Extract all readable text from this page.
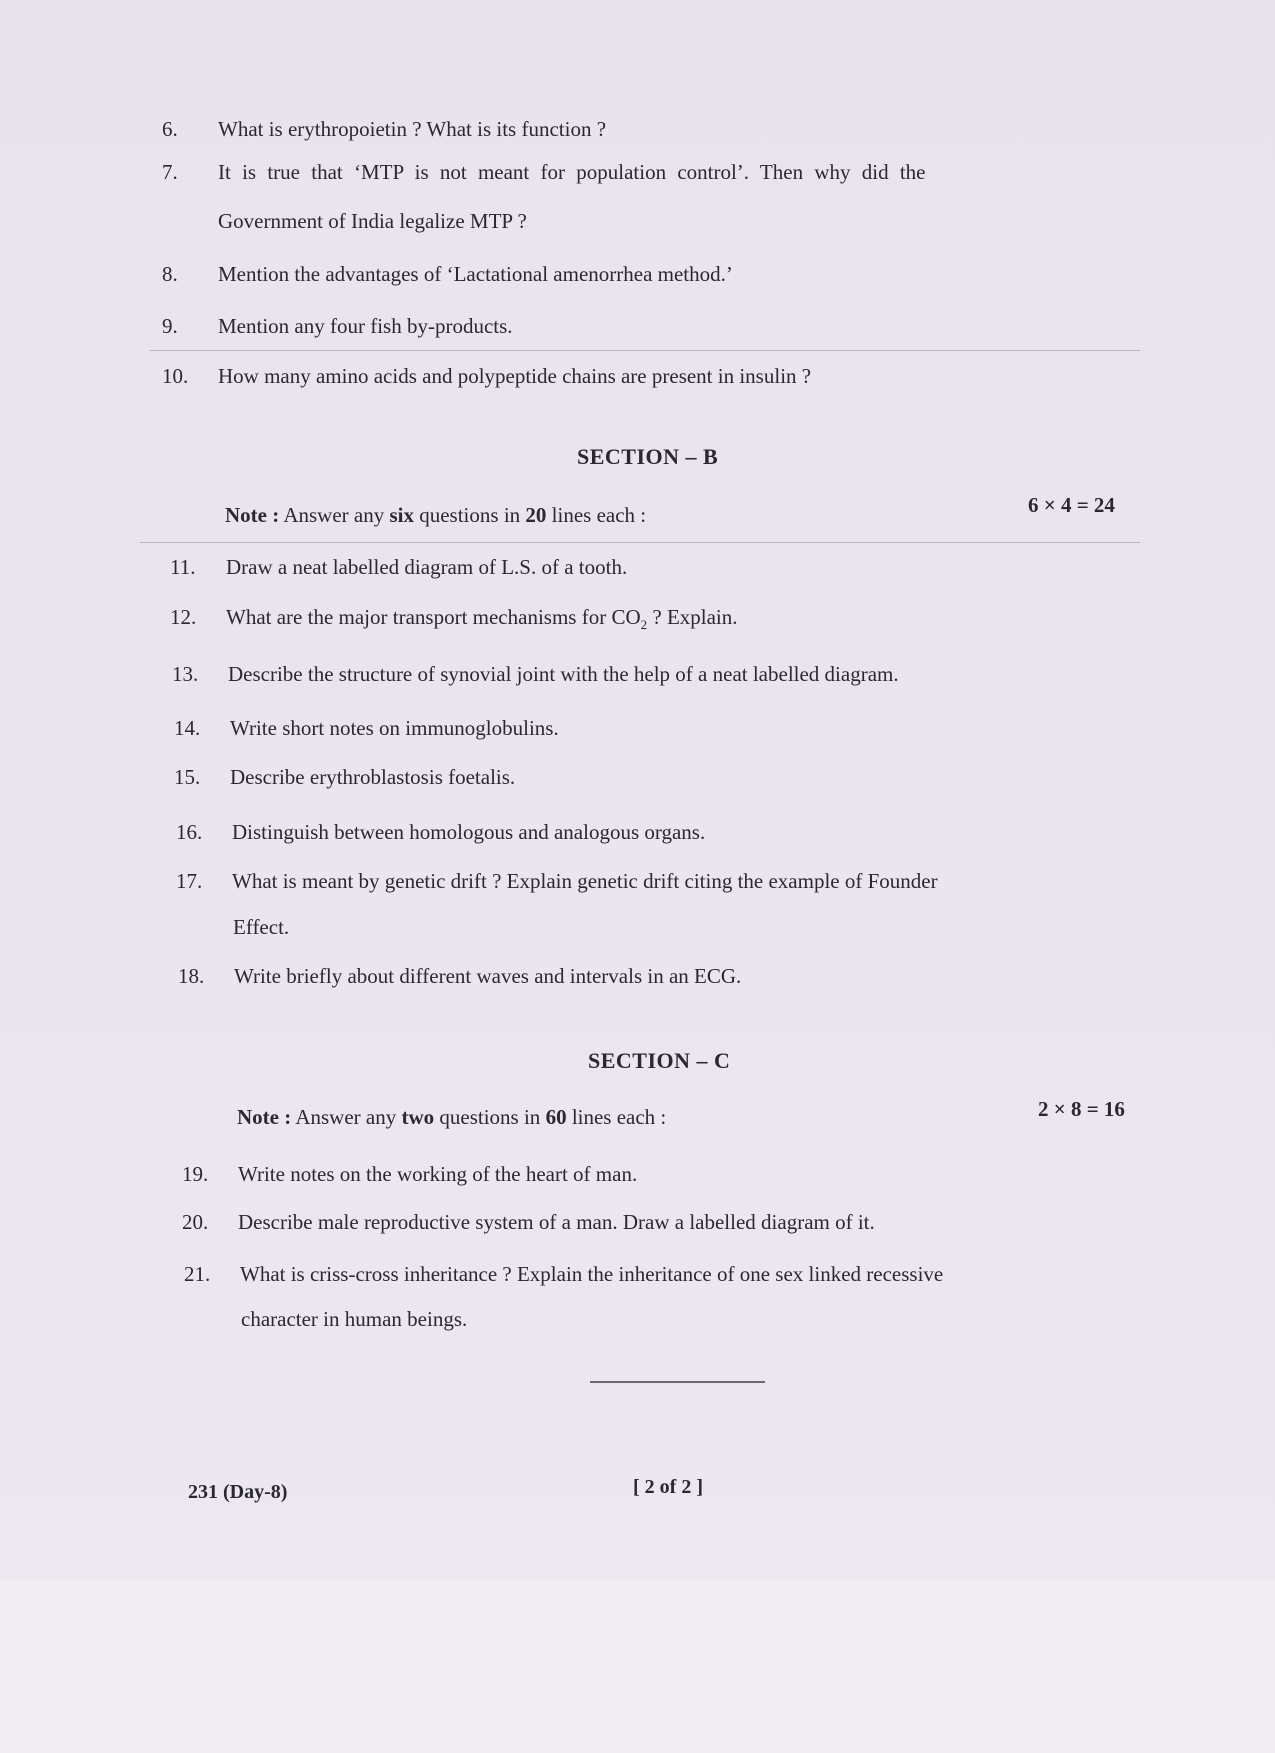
6. What is erythropoietin ? What is its function ?
7. It is true that ‘MTP is not meant for population control’. Then why did the
Government of India legalize MTP ?
8. Mention the advantages of ‘Lactational amenorrhea method.’
9. Mention any four fish by-products.
10. How many amino acids and polypeptide chains are present in insulin ?
SECTION – B
Note : Answer any six questions in 20 lines each :	6 × 4 = 24
11. Draw a neat labelled diagram of L.S. of a tooth.
12. What are the major transport mechanisms for $CO_2$ ? Explain.
13. Describe the structure of synovial joint with the help of a neat labelled diagram.
14. Write short notes on immunoglobulins.
15. Describe erythroblastosis foetalis.
16. Distinguish between homologous and analogous organs.
17. What is meant by genetic drift ? Explain genetic drift citing the example of Founder
Effect.
18. Write briefly about different waves and intervals in an ECG.
SECTION – C
Note : Answer any two questions in 60 lines each :	2 × 8 = 16
19. Write notes on the working of the heart of man.
20. Describe male reproductive system of a man. Draw a labelled diagram of it.
21. What is criss-cross inheritance ? Explain the inheritance of one sex linked recessive
character in human beings.
231 (Day-8)	[ 2 of 2 ]
